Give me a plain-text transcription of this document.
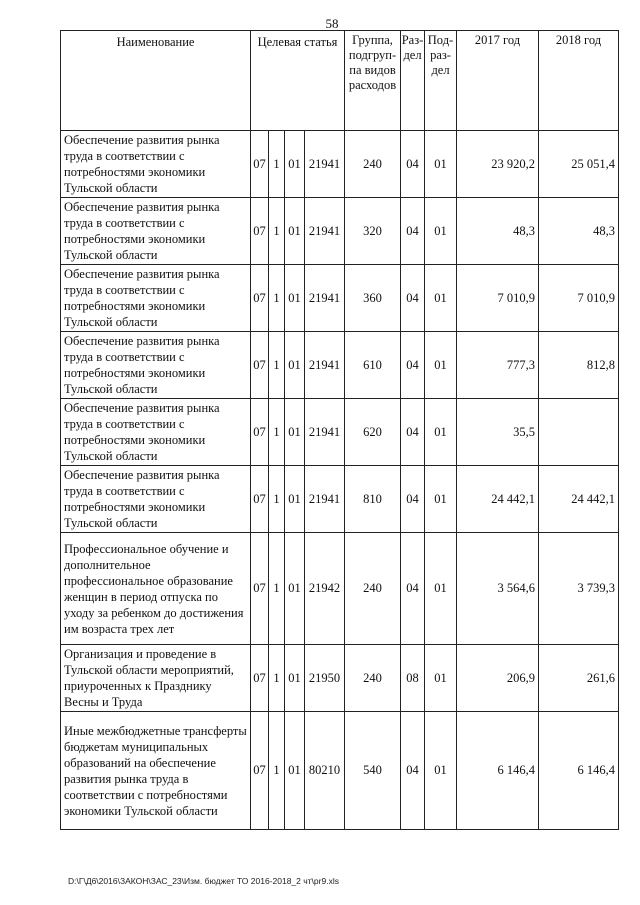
58
Наименование	Целевая статья				Группа, подгруп-па видов расходов	Раз-дел	Под-раз-дел	2017 год	2018 год
Обеспечение развития рынка труда в соответствии с потребностями экономики Тульской области	07	1	01	21941	240	04	01	23 920,2	25 051,4
Обеспечение развития рынка труда в соответствии с потребностями экономики Тульской области	07	1	01	21941	320	04	01	48,3	48,3
Обеспечение развития рынка труда в соответствии с потребностями экономики Тульской области	07	1	01	21941	360	04	01	7 010,9	7 010,9
Обеспечение развития рынка труда в соответствии с потребностями экономики Тульской области	07	1	01	21941	610	04	01	777,3	812,8
Обеспечение развития рынка труда в соответствии с потребностями экономики Тульской области	07	1	01	21941	620	04	01	35,5	
Обеспечение развития рынка труда в соответствии с потребностями экономики Тульской области	07	1	01	21941	810	04	01	24 442,1	24 442,1
Профессиональное обучение и дополнительное профессиональное образование женщин в период отпуска по уходу за ребенком до достижения им возраста трех лет	07	1	01	21942	240	04	01	3 564,6	3 739,3
Организация и проведение в Тульской области мероприятий, приуроченных к Празднику Весны и Труда	07	1	01	21950	240	08	01	206,9	261,6
Иные межбюджетные трансферты бюджетам муниципальных образований на обеспечение развития рынка труда в соответствии с потребностями экономики Тульской области	07	1	01	80210	540	04	01	6 146,4	6 146,4
D:\Г\Д6\2016\ЗАКОН\ЗАС_23\Изм. бюджет ТО 2016-2018_2 чт\pr9.xls
